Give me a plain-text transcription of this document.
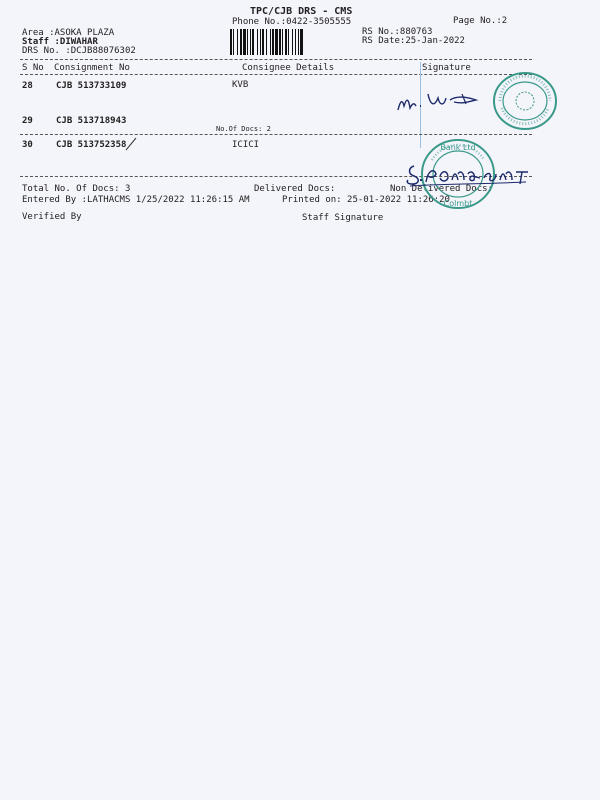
TPC/CJB DRS - CMS
Phone No.:0422-3505555	Page No.:2
Area :ASOKA PLAZA
Staff :DIWAHAR
DRS No. :DCJB88076302
RS No.:880763
RS Date:25-Jan-2022
S No Consignment No	Consignee Details	Signature
28	CJB 513733109	KVB
29	CJB 513718943
No.Of Docs: 2
30	CJB 513752358	ICICI
Total No. Of Docs: 3	Delivered Docs:	Non Delivered Docs:
Entered By :LATHACMS 1/25/2022 11:26:15 AM	Printed on: 25-01-2022 11:26:20
Verified By	Staff Signature
Bank Ltd
Colmbt
